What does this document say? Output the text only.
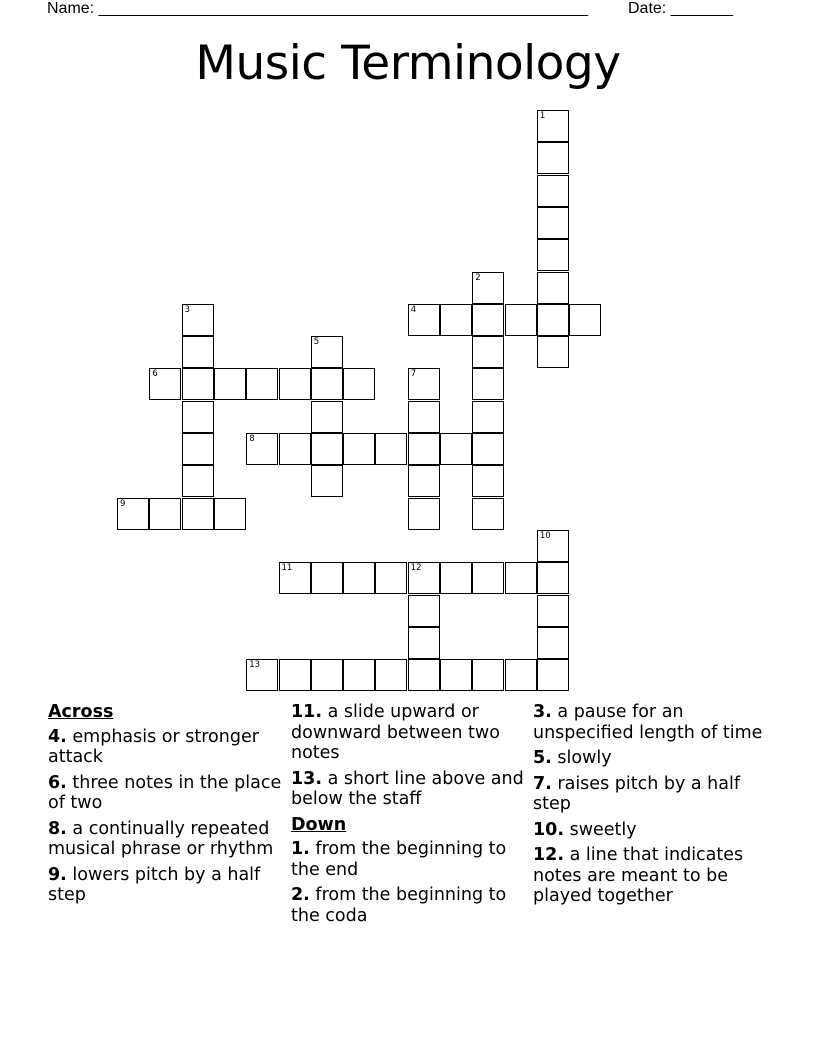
Name: _______________________________________________________	Date: _______
Music Terminology
1
2
3	4
5
6	7
8
9
10
11	12
13
Across
4. emphasis or stronger attack
6. three notes in the place of two
8. a continually repeated musical phrase or rhythm
9. lowers pitch by a half step
11. a slide upward or downward between two notes
13. a short line above and below the staff
Down
1. from the beginning to the end
2. from the beginning to the coda
3. a pause for an unspecified length of time
5. slowly
7. raises pitch by a half step
10. sweetly
12. a line that indicates notes are meant to be played together
